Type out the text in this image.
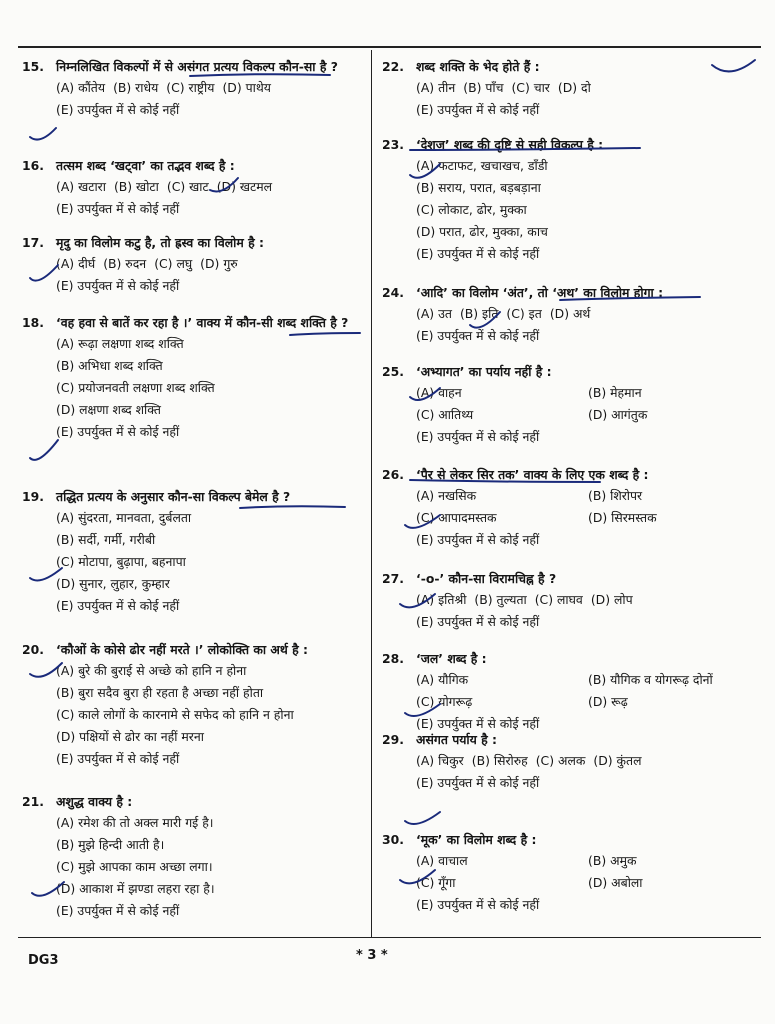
15. निम्नलिखित विकल्पों में से असंगत प्रत्यय विकल्प कौन-सा है ?
(A) कौंतेय (B) राधेय (C) राष्ट्रीय (D) पाथेय
(E) उपर्युक्त में से कोई नहीं
16. तत्सम शब्द ‘खट्वा’ का तद्भव शब्द है :
(A) खटारा (B) खोटा (C) खाट (D) खटमल
(E) उपर्युक्त में से कोई नहीं
17. मृदु का विलोम कटु है, तो ह्रस्व का विलोम है :
(A) दीर्घ (B) रुदन (C) लघु (D) गुरु
(E) उपर्युक्त में से कोई नहीं
18. ‘वह हवा से बातें कर रहा है ।’ वाक्य में कौन-सी शब्द शक्ति है ?
(A) रूढ़ा लक्षणा शब्द शक्ति
(B) अभिधा शब्द शक्ति
(C) प्रयोजनवती लक्षणा शब्द शक्ति
(D) लक्षणा शब्द शक्ति
(E) उपर्युक्त में से कोई नहीं
19. तद्धित प्रत्यय के अनुसार कौन-सा विकल्प बेमेल है ?
(A) सुंदरता, मानवता, दुर्बलता
(B) सर्दी, गर्मी, गरीबी
(C) मोटापा, बुढ़ापा, बहनापा
(D) सुनार, लुहार, कुम्हार
(E) उपर्युक्त में से कोई नहीं
20. ‘कौओं के कोसे ढोर नहीं मरते ।’ लोकोक्ति का अर्थ है :
(A) बुरे की बुराई से अच्छे को हानि न होना
(B) बुरा सदैव बुरा ही रहता है अच्छा नहीं होता
(C) काले लोगों के कारनामे से सफेद को हानि न होना
(D) पक्षियों से ढोर का नहीं मरना
(E) उपर्युक्त में से कोई नहीं
21. अशुद्ध वाक्य है :
(A) रमेश की तो अक्ल मारी गई है।
(B) मुझे हिन्दी आती है।
(C) मुझे आपका काम अच्छा लगा।
(D) आकाश में झण्डा लहरा रहा है।
(E) उपर्युक्त में से कोई नहीं
22. शब्द शक्ति के भेद होते हैं :
(A) तीन (B) पाँच (C) चार (D) दो
(E) उपर्युक्त में से कोई नहीं
23. ‘देशज’ शब्द की दृष्टि से सही विकल्प है :
(A) फटाफट, खचाखच, डाँडी
(B) सराय, परात, बड़बड़ाना
(C) लोकाट, ढोर, मुक्का
(D) परात, ढोर, मुक्का, काच
(E) उपर्युक्त में से कोई नहीं
24. ‘आदि’ का विलोम ‘अंत’, तो ‘अथ’ का विलोम होगा :
(A) उत (B) इति (C) इत (D) अर्थ
(E) उपर्युक्त में से कोई नहीं
25. ‘अभ्यागत’ का पर्याय नहीं है :
(A) वाहन	(B) मेहमान
(C) आतिथ्य	(D) आगंतुक
(E) उपर्युक्त में से कोई नहीं
26. ‘पैर से लेकर सिर तक’ वाक्य के लिए एक शब्द है :
(A) नखसिक	(B) शिरोपर
(C) आपादमस्तक	(D) सिरमस्तक
(E) उपर्युक्त में से कोई नहीं
27. ‘-o-’ कौन-सा विरामचिह्न है ?
(A) इतिश्री (B) तुल्यता (C) लाघव (D) लोप
(E) उपर्युक्त में से कोई नहीं
28. ‘जल’ शब्द है :
(A) यौगिक	(B) यौगिक व योगरूढ़ दोनों
(C) योगरूढ़	(D) रूढ़
(E) उपर्युक्त में से कोई नहीं
29. असंगत पर्याय है :
(A) चिकुर (B) सिरोरुह (C) अलक (D) कुंतल
(E) उपर्युक्त में से कोई नहीं
30. ‘मूक’ का विलोम शब्द है :
(A) वाचाल	(B) अमुक
(C) गूँगा	(D) अबोला
(E) उपर्युक्त में से कोई नहीं
DG3	* 3 *
